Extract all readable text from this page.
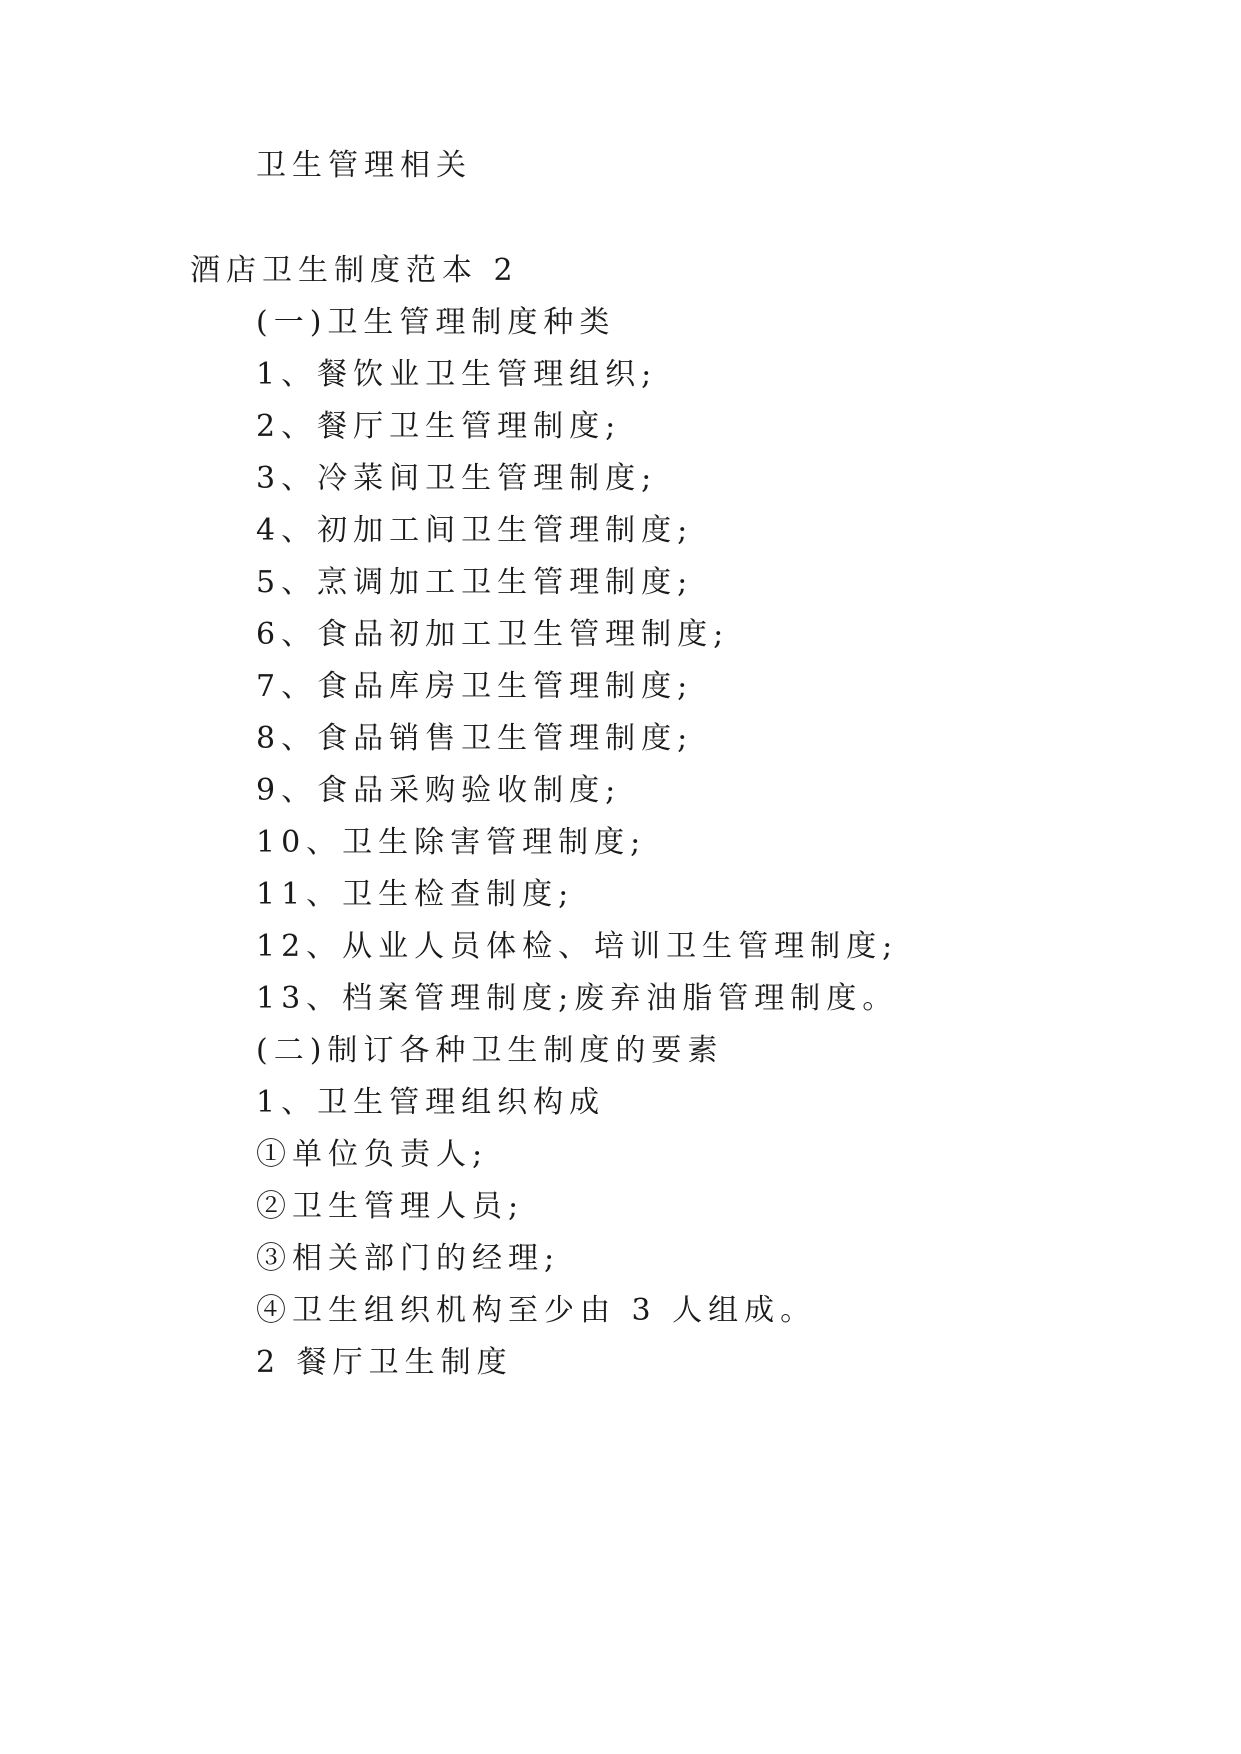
卫生管理相关
酒店卫生制度范本 2
(一)卫生管理制度种类
1、餐饮业卫生管理组织;
2、餐厅卫生管理制度;
3、冷菜间卫生管理制度;
4、初加工间卫生管理制度;
5、烹调加工卫生管理制度;
6、食品初加工卫生管理制度;
7、食品库房卫生管理制度;
8、食品销售卫生管理制度;
9、食品采购验收制度;
10、卫生除害管理制度;
11、卫生检查制度;
12、从业人员体检、培训卫生管理制度;
13、档案管理制度;废弃油脂管理制度。
(二)制订各种卫生制度的要素
1、卫生管理组织构成
①单位负责人;
②卫生管理人员;
③相关部门的经理;
④卫生组织机构至少由 3 人组成。
2 餐厅卫生制度
